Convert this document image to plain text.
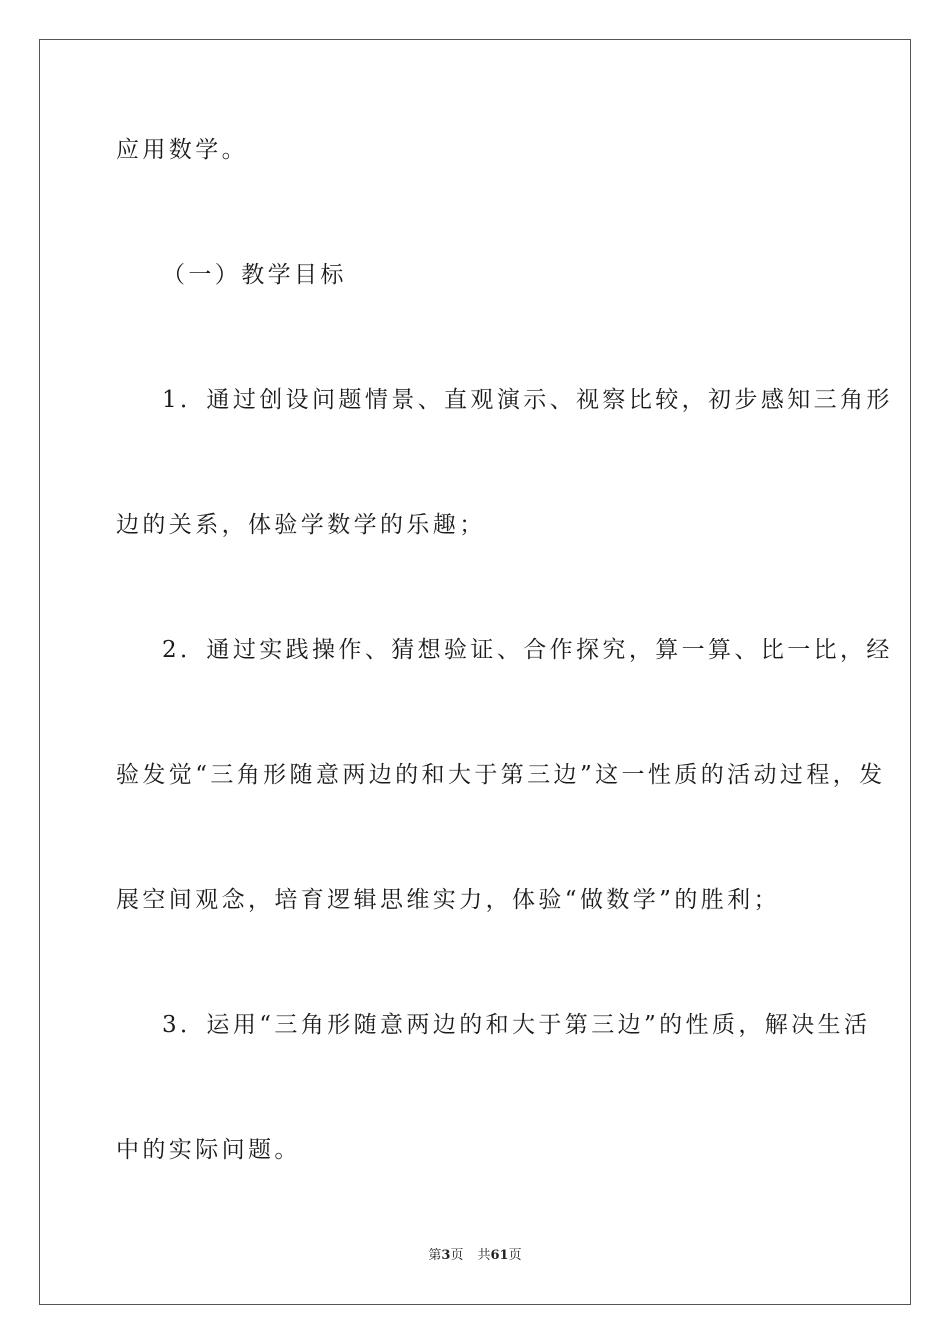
应用数学。
（一）教学目标
1．通过创设问题情景、直观演示、视察比较，初步感知三角形
边的关系，体验学数学的乐趣；
2．通过实践操作、猜想验证、合作探究，算一算、比一比，经
验发觉“三角形随意两边的和大于第三边”这一性质的活动过程，发
展空间观念，培育逻辑思维实力，体验“做数学”的胜利；
3．运用“三角形随意两边的和大于第三边”的性质，解决生活
中的实际问题。
第3页 共61页
